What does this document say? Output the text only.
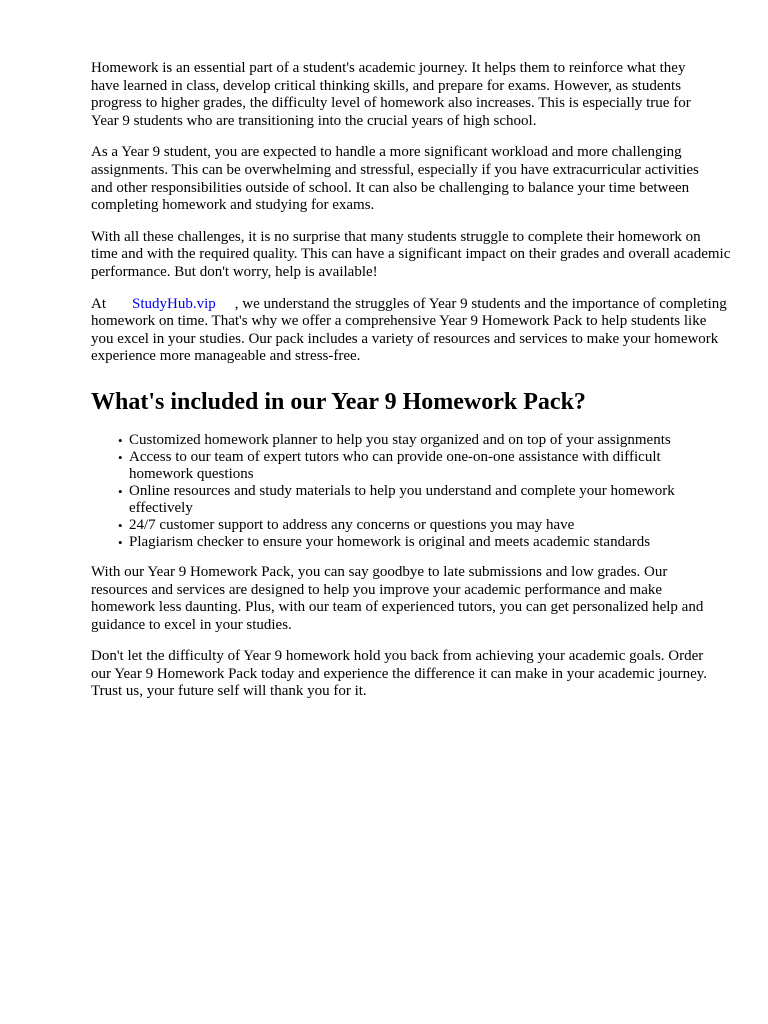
Homework is an essential part of a student's academic journey. It helps them to reinforce what they have learned in class, develop critical thinking skills, and prepare for exams. However, as students progress to higher grades, the difficulty level of homework also increases. This is especially true for Year 9 students who are transitioning into the crucial years of high school.

As a Year 9 student, you are expected to handle a more significant workload and more challenging assignments. This can be overwhelming and stressful, especially if you have extracurricular activities and other responsibilities outside of school. It can also be challenging to balance your time between completing homework and studying for exams.

With all these challenges, it is no surprise that many students struggle to complete their homework on time and with the required quality. This can have a significant impact on their grades and overall academic performance. But don't worry, help is available!

At StudyHub.vip , we understand the struggles of Year 9 students and the importance of completing homework on time. That's why we offer a comprehensive Year 9 Homework Pack to help students like you excel in your studies. Our pack includes a variety of resources and services to make your homework experience more manageable and stress-free.

What's included in our Year 9 Homework Pack?
• Customized homework planner to help you stay organized and on top of your assignments
• Access to our team of expert tutors who can provide one-on-one assistance with difficult homework questions
• Online resources and study materials to help you understand and complete your homework effectively
• 24/7 customer support to address any concerns or questions you may have
• Plagiarism checker to ensure your homework is original and meets academic standards

With our Year 9 Homework Pack, you can say goodbye to late submissions and low grades. Our resources and services are designed to help you improve your academic performance and make homework less daunting. Plus, with our team of experienced tutors, you can get personalized help and guidance to excel in your studies.

Don't let the difficulty of Year 9 homework hold you back from achieving your academic goals. Order our Year 9 Homework Pack today and experience the difference it can make in your academic journey. Trust us, your future self will thank you for it.
